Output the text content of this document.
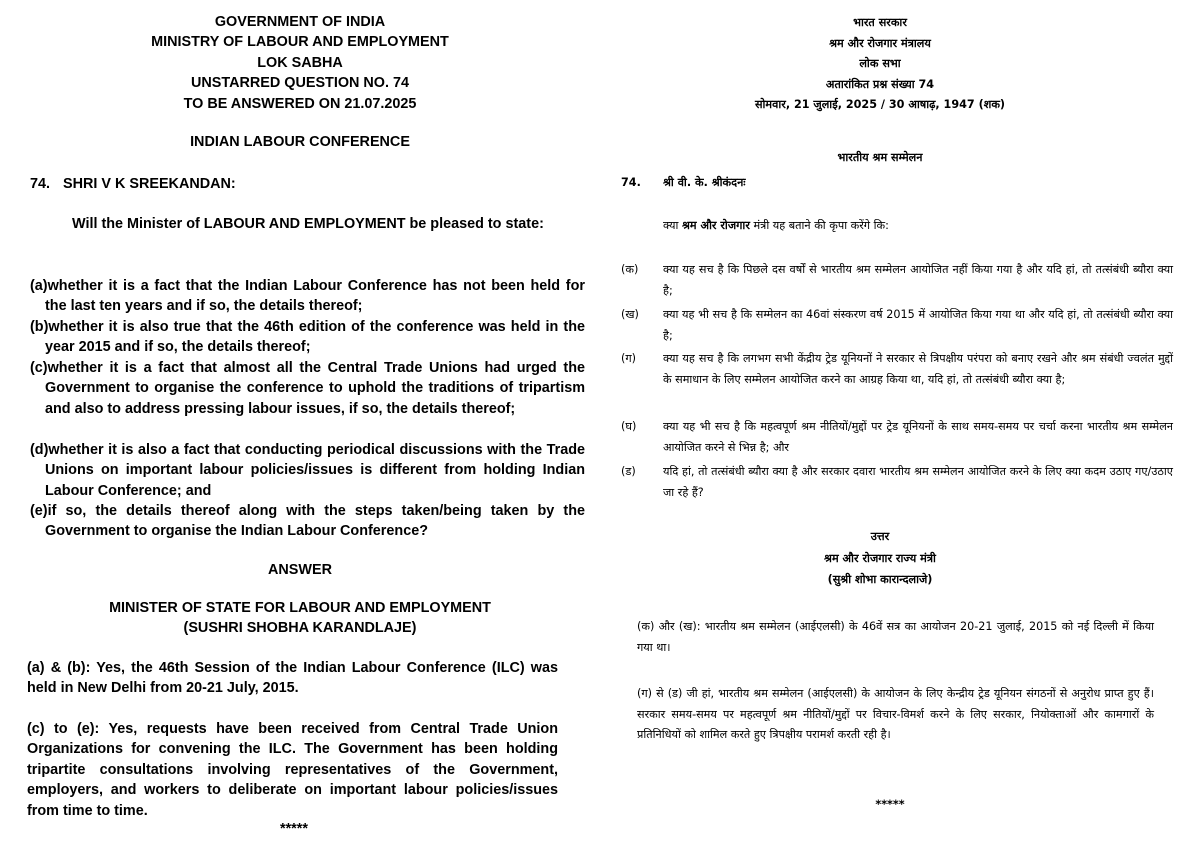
GOVERNMENT OF INDIA
MINISTRY OF LABOUR AND EMPLOYMENT
LOK SABHA
UNSTARRED QUESTION NO. 74
TO BE ANSWERED ON 21.07.2025
INDIAN LABOUR CONFERENCE
74. SHRI V K SREEKANDAN:
Will the Minister of LABOUR AND EMPLOYMENT be pleased to state:
(a)whether it is a fact that the Indian Labour Conference has not been held for the last ten years and if so, the details thereof;
(b)whether it is also true that the 46th edition of the conference was held in the year 2015 and if so, the details thereof;
(c)whether it is a fact that almost all the Central Trade Unions had urged the Government to organise the conference to uphold the traditions of tripartism and also to address pressing labour issues, if so, the details thereof;
(d)whether it is also a fact that conducting periodical discussions with the Trade Unions on important labour policies/issues is different from holding Indian Labour Conference; and
(e)if so, the details thereof along with the steps taken/being taken by the Government to organise the Indian Labour Conference?
ANSWER
MINISTER OF STATE FOR LABOUR AND EMPLOYMENT
(SUSHRI SHOBHA KARANDLAJE)
(a) & (b): Yes, the 46th Session of the Indian Labour Conference (ILC) was held in New Delhi from 20-21 July, 2015.
(c) to (e): Yes, requests have been received from Central Trade Union Organizations for convening the ILC. The Government has been holding tripartite consultations involving representatives of the Government, employers, and workers to deliberate on important labour policies/issues from time to time.
*****
भारत सरकार
श्रम और रोजगार मंत्रालय
लोक सभा
अतारांकित प्रश्न संख्या 74
सोमवार, 21 जुलाई, 2025 / 30 आषाढ़, 1947 (शक)
भारतीय श्रम सम्मेलन
74. श्री वी. के. श्रीकंदनः
क्या श्रम और रोजगार मंत्री यह बताने की कृपा करेंगे कि:
(क) क्या यह सच है कि पिछले दस वर्षों से भारतीय श्रम सम्मेलन आयोजित नहीं किया गया है और यदि हां, तो तत्संबंधी ब्यौरा क्या है;
(ख) क्या यह भी सच है कि सम्मेलन का 46वां संस्करण वर्ष 2015 में आयोजित किया गया था और यदि हां, तो तत्संबंधी ब्यौरा क्या है;
(ग) क्या यह सच है कि लगभग सभी केंद्रीय ट्रेड यूनियनों ने सरकार से त्रिपक्षीय परंपरा को बनाए रखने और श्रम संबंधी ज्वलंत मुद्दों के समाधान के लिए सम्मेलन आयोजित करने का आग्रह किया था, यदि हां, तो तत्संबंधी ब्यौरा क्या है;
(घ) क्या यह भी सच है कि महत्वपूर्ण श्रम नीतियों/मुद्दों पर ट्रेड यूनियनों के साथ समय-समय पर चर्चा करना भारतीय श्रम सम्मेलन आयोजित करने से भिन्न है; और
(ड) यदि हां, तो तत्संबंधी ब्यौरा क्या है और सरकार दवारा भारतीय श्रम सम्मेलन आयोजित करने के लिए क्या कदम उठाए गए/उठाए जा रहे हैं?
उत्तर
श्रम और रोजगार राज्य मंत्री
(सुश्री शोभा कारान्दलाजे)
(क) और (ख): भारतीय श्रम सम्मेलन (आईएलसी) के 46वें सत्र का आयोजन 20-21 जुलाई, 2015 को नई दिल्ली में किया गया था।
(ग) से (ड) जी हां, भारतीय श्रम सम्मेलन (आईएलसी) के आयोजन के लिए केन्द्रीय ट्रेड यूनियन संगठनों से अनुरोध प्राप्त हुए हैं। सरकार समय-समय पर महत्वपूर्ण श्रम नीतियों/मुद्दों पर विचार-विमर्श करने के लिए सरकार, नियोक्ताओं और कामगारों के प्रतिनिधियों को शामिल करते हुए त्रिपक्षीय परामर्श करती रही है।
*****
